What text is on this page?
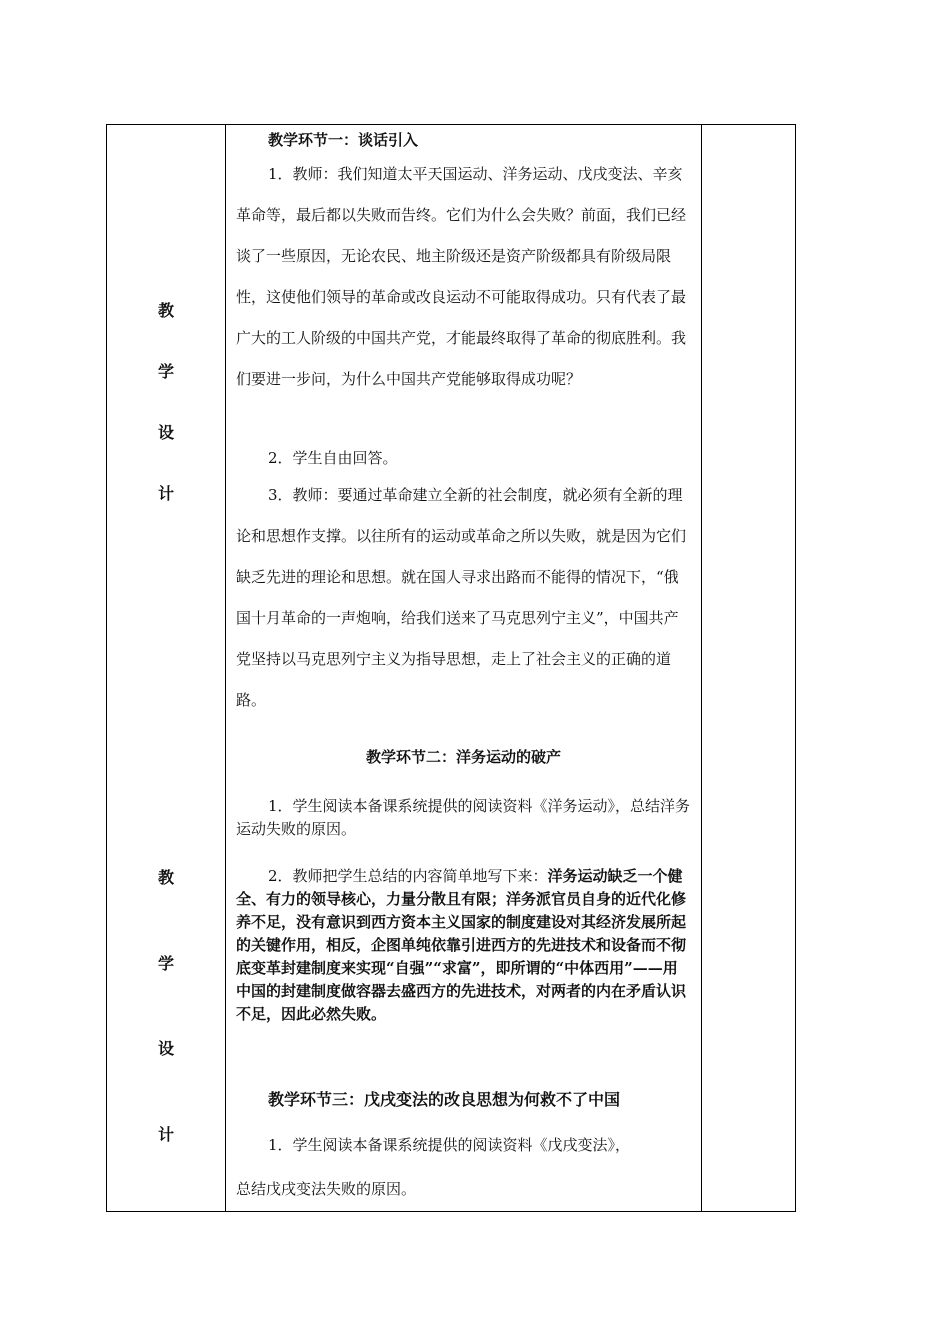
教
学
设
计
教
学
设
计

教学环节一：谈话引入

1．教师：我们知道太平天国运动、洋务运动、戊戌变法、辛亥革命等，最后都以失败而告终。它们为什么会失败？前面，我们已经谈了一些原因，无论农民、地主阶级还是资产阶级都具有阶级局限性，这使他们领导的革命或改良运动不可能取得成功。只有代表了最广大的工人阶级的中国共产党，才能最终取得了革命的彻底胜利。我们要进一步问，为什么中国共产党能够取得成功呢？

2．学生自由回答。

3．教师：要通过革命建立全新的社会制度，就必须有全新的理论和思想作支撑。以往所有的运动或革命之所以失败，就是因为它们缺乏先进的理论和思想。就在国人寻求出路而不能得的情况下，“俄国十月革命的一声炮响，给我们送来了马克思列宁主义”，中国共产党坚持以马克思列宁主义为指导思想，走上了社会主义的正确的道路。

教学环节二：洋务运动的破产

1．学生阅读本备课系统提供的阅读资料《洋务运动》，总结洋务运动失败的原因。

2．教师把学生总结的内容简单地写下来：洋务运动缺乏一个健全、有力的领导核心，力量分散且有限；洋务派官员自身的近代化修养不足，没有意识到西方资本主义国家的制度建设对其经济发展所起的关键作用，相反，企图单纯依靠引进西方的先进技术和设备而不彻底变革封建制度来实现“自强”“求富”，即所谓的“中体西用”——用中国的封建制度做容器去盛西方的先进技术，对两者的内在矛盾认识不足，因此必然失败。

教学环节三：戊戌变法的改良思想为何救不了中国

1．学生阅读本备课系统提供的阅读资料《戊戌变法》，

总结戊戌变法失败的原因。
